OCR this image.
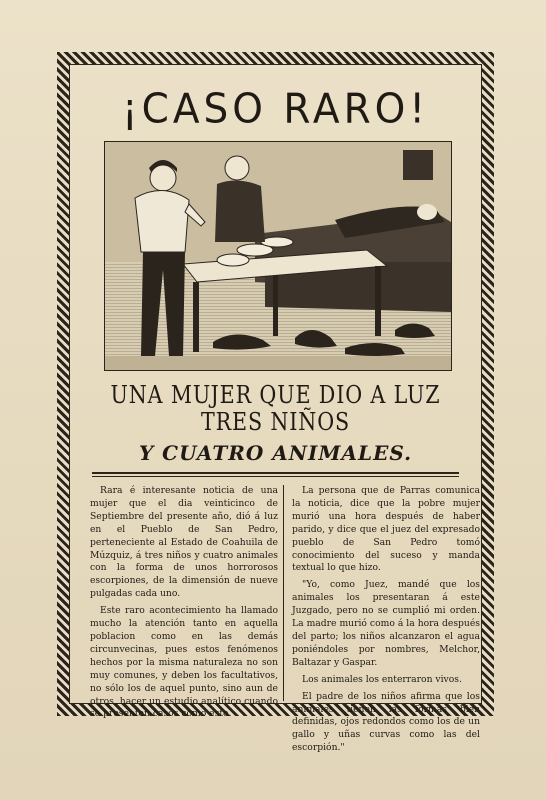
¡CASO RARO!
UNA MUJER QUE DIO A LUZ
TRES NIÑOS
Y CUATRO ANIMALES.

Rara é interesante noticia de una mujer que el dia veinticinco de Septiembre del presente año, dió á luz en el Pueblo de San Pedro, perteneciente al Estado de Coahuila de Múzquiz, á tres niños y cuatro animales con la forma de unos horrorosos escorpiones, de la dimensión de nueve pulgadas cada uno.

Este raro acontecimiento ha llamado mucho la atención tanto en aquella poblacion como en las demás circunvecinas, pues estos fenómenos hechos por la misma naturaleza no son muy comunes, y deben los facultativos, no sólo los de aquel punto, sino aun de otros, hacer un estudio analítico cuando se presenten casos como este.

La persona que de Parras comunica la noticia, dice que la pobre mujer murió una hora después de haber parido, y dice que el juez del expresado pueblo de San Pedro tomó conocimiento del suceso y manda textual lo que hizo.

"Yo, como Juez, mandé que los animales los presentaran á este Juzgado, pero no se cumplió mi orden. La madre murió como á la hora después del parto; los niños alcanzaron el agua poniéndoles por nombres, Melchor, Baltazar y Gaspar.

Los animales los enterraron vivos.

El padre de los niños afirma que los animales tienen las formas bien definidas, ojos redondos como los de un gallo y uñas curvas como las del escorpión."
